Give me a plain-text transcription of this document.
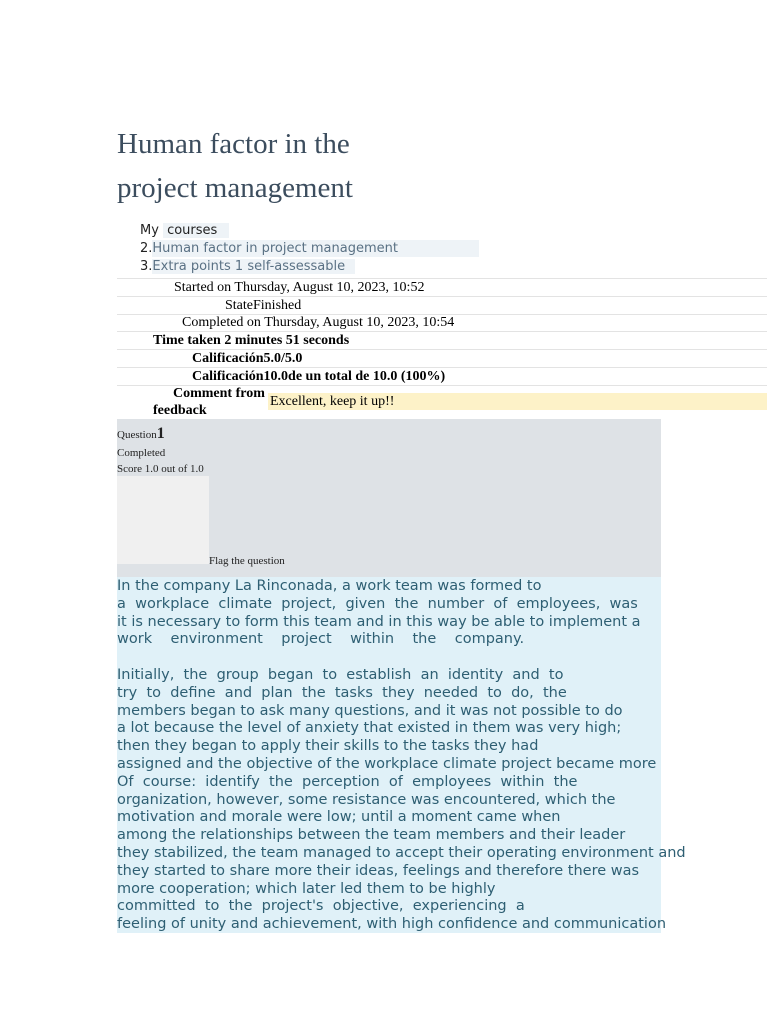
Human factor in the
project management
My courses
2.Human factor in project management
3.Extra points 1 self-assessable
Started on Thursday, August 10, 2023, 10:52
StateFinished
Completed on Thursday, August 10, 2023, 10:54
Time taken 2 minutes 51 seconds
Calificación5.0/5.0
Calificación10.0de un total de 10.0 (100%)
Excellent, keep it up!!
Comment from
feedback
Question1
Completed
Score 1.0 out of 1.0
Flag the question
In the company La Rinconada, a work team was formed to
a  workplace  climate  project,  given  the  number  of  employees,  was
it is necessary to form this team and in this way be able to implement a
work    environment    project    within    the    company.
Initially,  the  group  began  to  establish  an  identity  and  to
try  to  define  and  plan  the  tasks  they  needed  to  do,  the
members began to ask many questions, and it was not possible to do
a lot because the level of anxiety that existed in them was very high;
then they began to apply their skills to the tasks they had
assigned and the objective of the workplace climate project became more
Of  course:  identify  the  perception  of  employees  within  the
organization, however, some resistance was encountered, which the
motivation and morale were low; until a moment came when
among the relationships between the team members and their leader
they stabilized, the team managed to accept their operating environment and
they started to share more their ideas, feelings and therefore there was
more cooperation; which later led them to be highly
committed  to  the  project's  objective,  experiencing  a
feeling of unity and achievement, with high confidence and communication
